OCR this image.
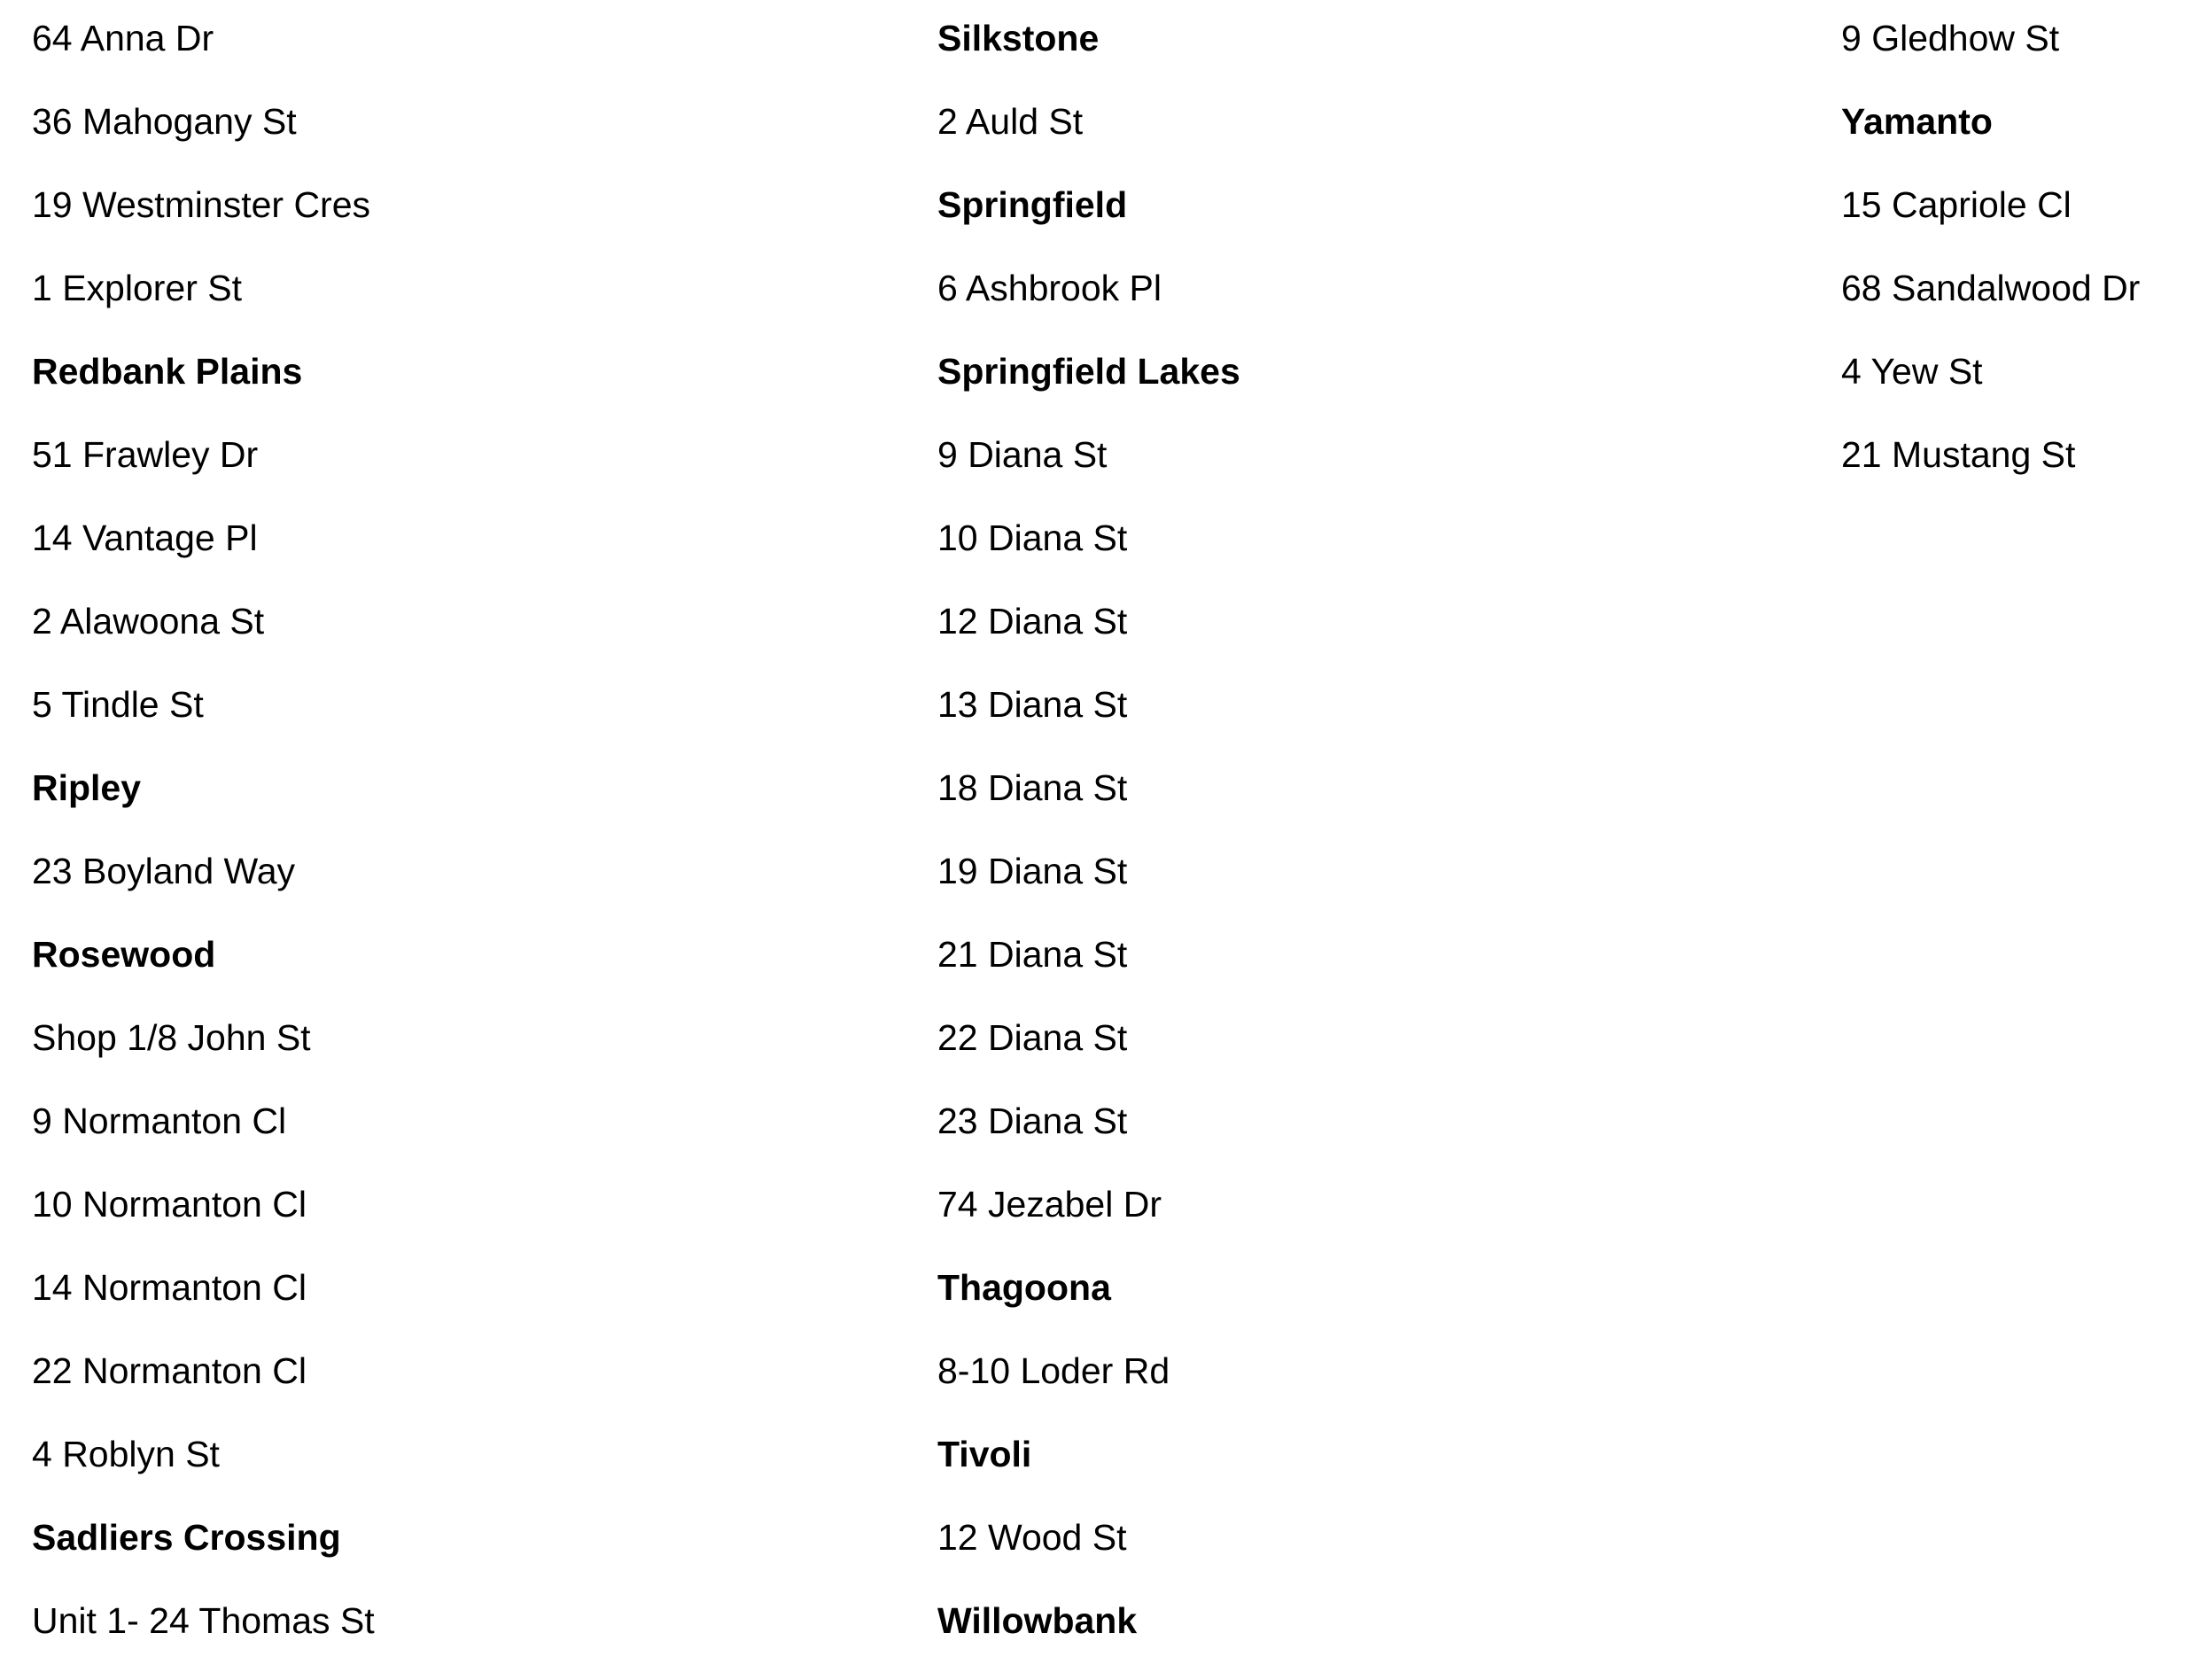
64 Anna Dr
36 Mahogany St
19 Westminster Cres
1 Explorer St
Redbank Plains
51 Frawley Dr
14 Vantage Pl
2 Alawoona St
5 Tindle St
Ripley
23 Boyland Way
Rosewood
Shop 1/8 John St
9 Normanton Cl
10 Normanton Cl
14 Normanton Cl
22 Normanton Cl
4 Roblyn St
Sadliers Crossing
Unit 1- 24 Thomas St
Silkstone
2 Auld St
Springfield
6 Ashbrook Pl
Springfield Lakes
9 Diana St
10 Diana St
12 Diana St
13 Diana St
18 Diana St
19 Diana St
21 Diana St
22 Diana St
23 Diana St
74 Jezabel Dr
Thagoona
8-10 Loder Rd
Tivoli
12 Wood St
Willowbank
9 Gledhow St
Yamanto
15 Capriole Cl
68 Sandalwood Dr
4 Yew St
21 Mustang St
